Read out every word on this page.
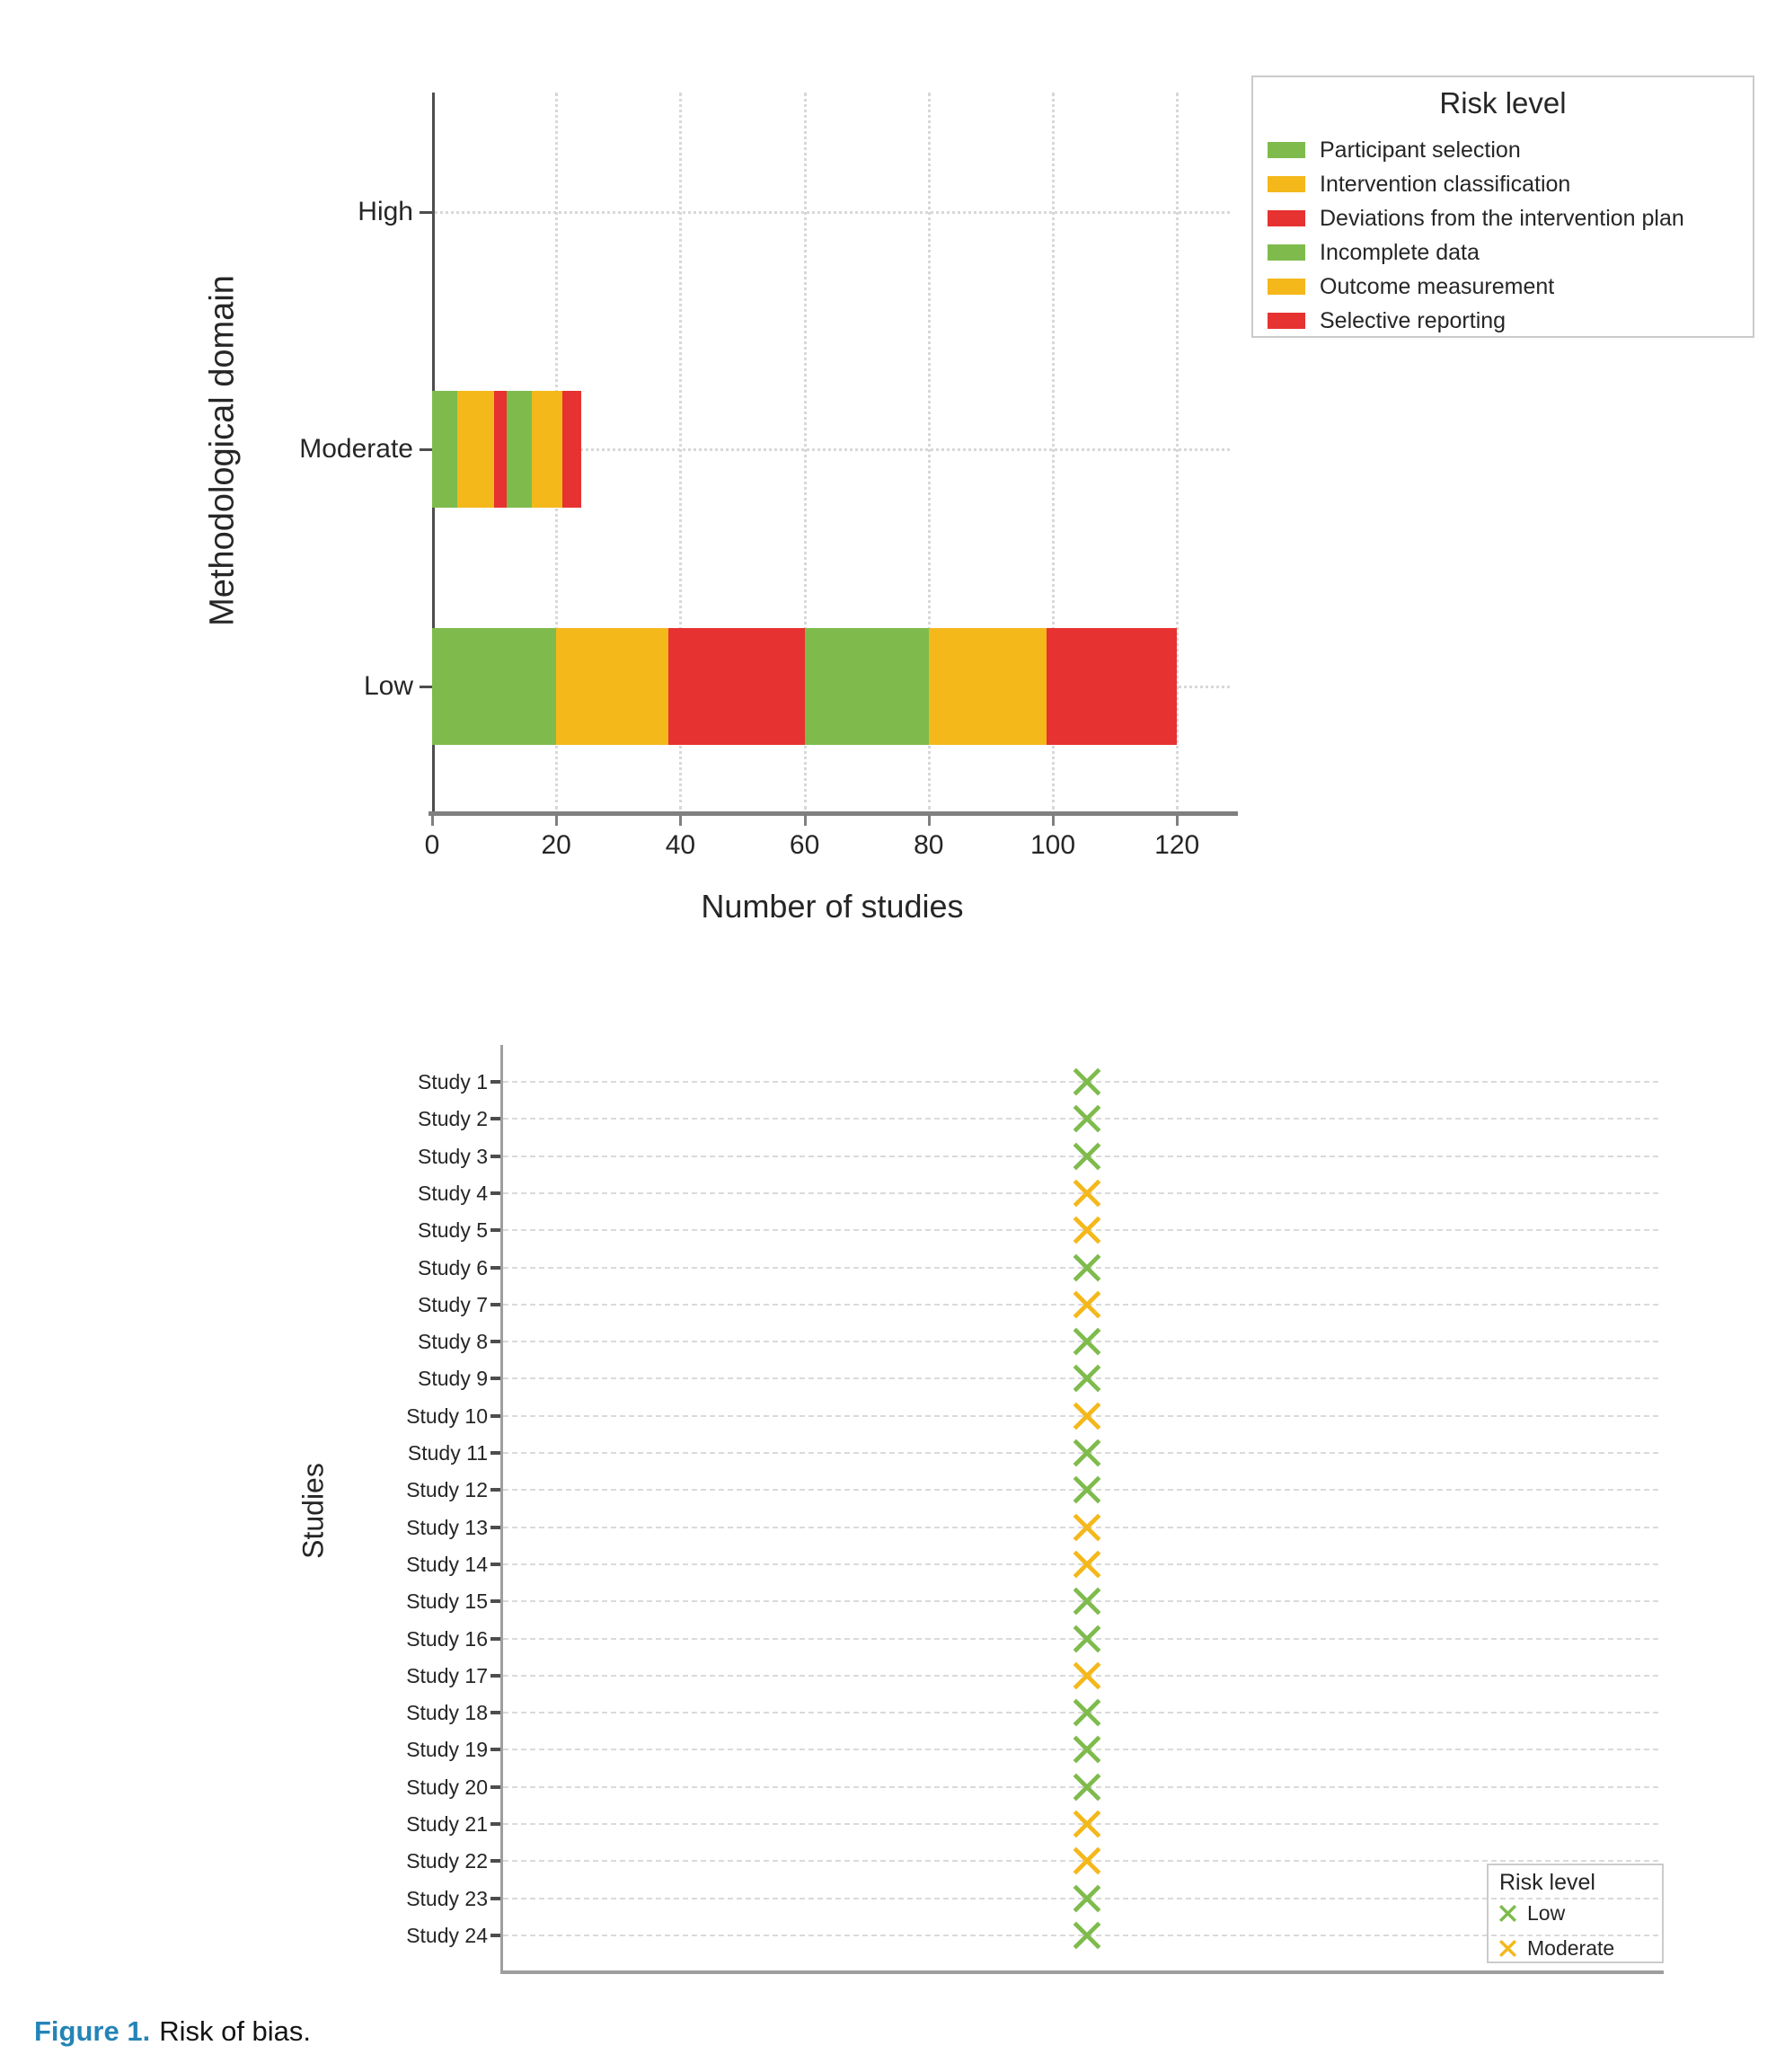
Methodological domain
Number of studies
Risk level
Participant selection
Intervention classification
Deviations from the intervention plan
Incomplete data
Outcome measurement
Selective reporting
0	20	40	60	80	100	120
High
Moderate
Low
Studies
Risk level
Low
Moderate
Study 1
Study 2
Study 3
Study 4
Study 5
Study 6
Study 7
Study 8
Study 9
Study 10
Study 11
Study 12
Study 13
Study 14
Study 15
Study 16
Study 17
Study 18
Study 19
Study 20
Study 21
Study 22
Study 23
Study 24
Figure 1. Risk of bias.
